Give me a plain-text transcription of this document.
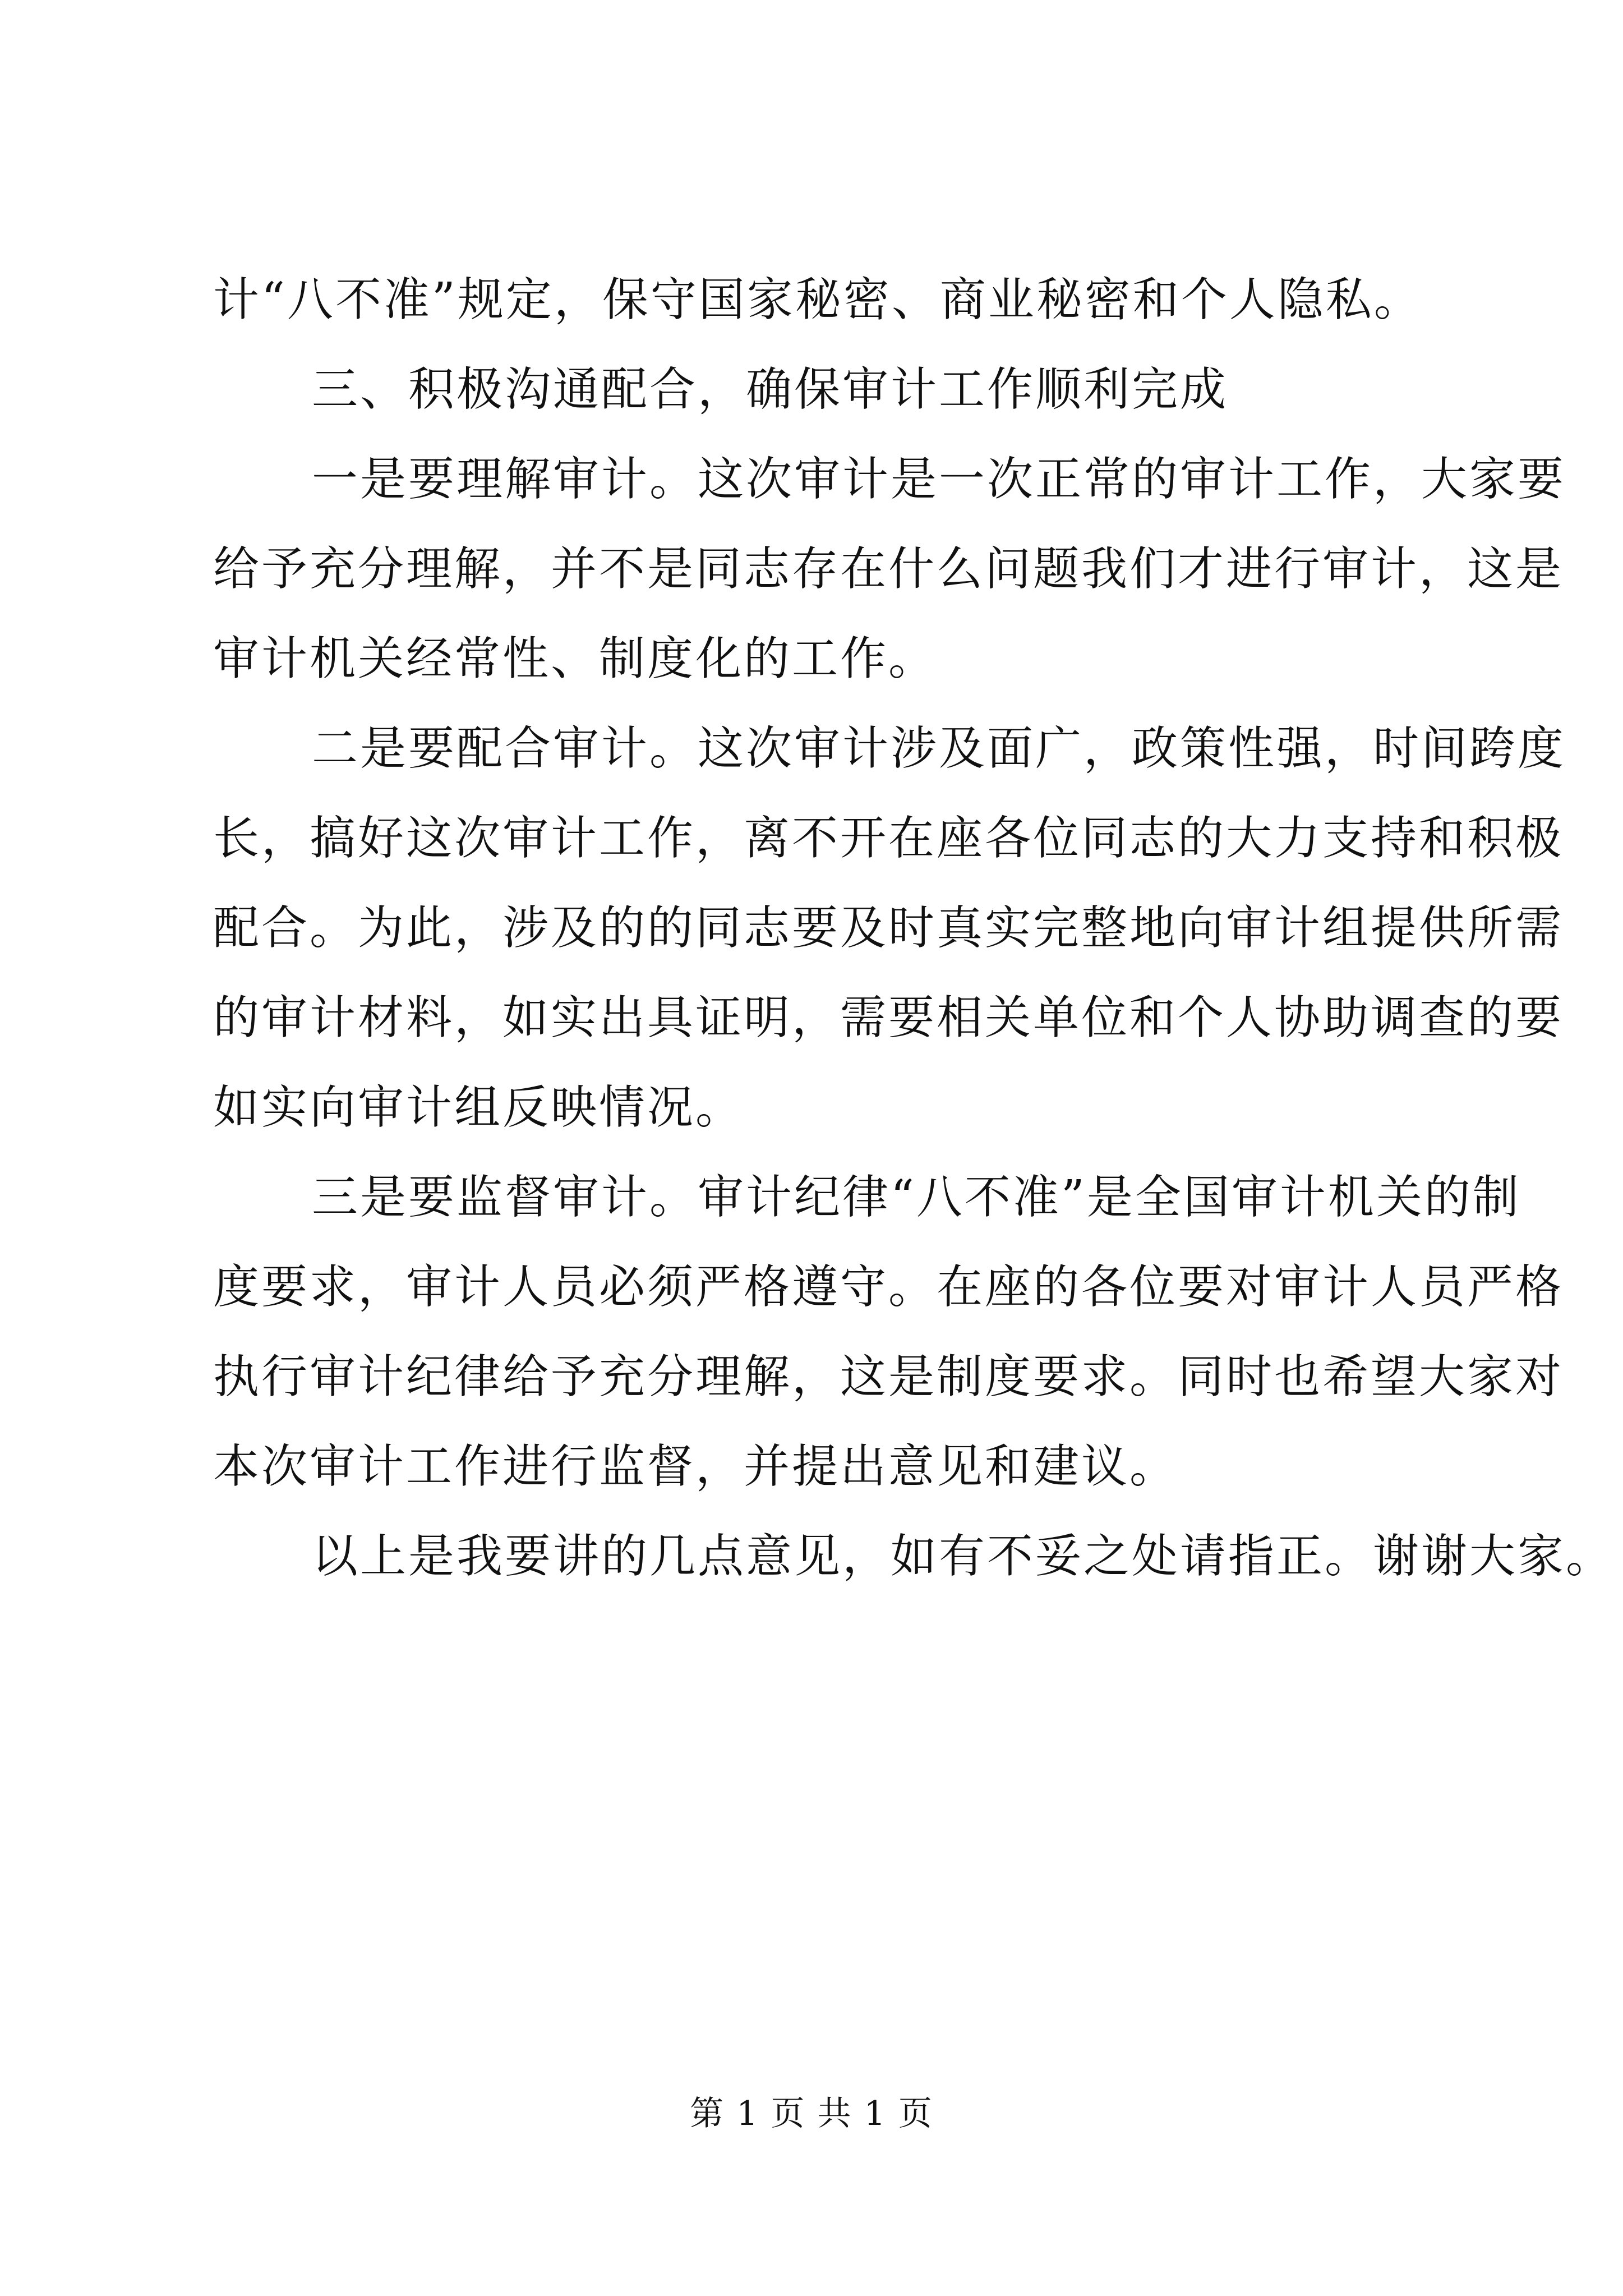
计“八不准”规定，保守国家秘密、商业秘密和个人隐私。
三、积极沟通配合，确保审计工作顺利完成
一是要理解审计。这次审计是一次正常的审计工作，大家要
给予充分理解，并不是同志存在什么问题我们才进行审计，这是
审计机关经常性、制度化的工作。
二是要配合审计。这次审计涉及面广，政策性强，时间跨度
长，搞好这次审计工作，离不开在座各位同志的大力支持和积极
配合。为此，涉及的的同志要及时真实完整地向审计组提供所需
的审计材料，如实出具证明，需要相关单位和个人协助调查的要
如实向审计组反映情况。
三是要监督审计。审计纪律“八不准”是全国审计机关的制
度要求，审计人员必须严格遵守。在座的各位要对审计人员严格
执行审计纪律给予充分理解，这是制度要求。同时也希望大家对
本次审计工作进行监督，并提出意见和建议。
以上是我要讲的几点意见，如有不妥之处请指正。谢谢大家。
第 1 页 共 1 页
